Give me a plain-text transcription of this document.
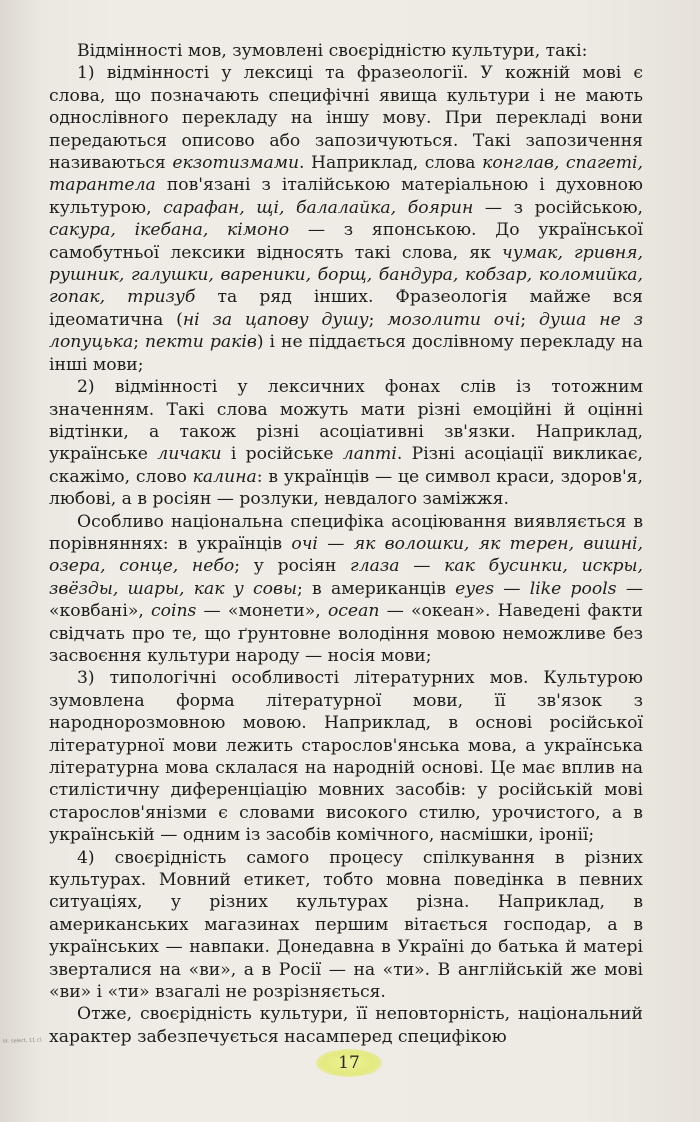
Відмінності мов, зумовлені своєрідністю культури, такі:

1) відмінності у лексиці та фразеології. У кожній мові є слова, що позначають специфічні явища культури і не мають однослівного перекладу на іншу мову. При перекладі вони передаються описово або запозичуються. Такі запозичення називаються екзотизмами. Наприклад, слова конглав, спагеті, тарантела пов'язані з італійською матеріальною і духовною культурою, сарафан, щі, балалайка, боярин — з російською, сакура, ікебана, кімоно — з японською. До української самобутньої лексики відносять такі слова, як чумак, гривня, рушник, галушки, вареники, борщ, бандура, кобзар, коломийка, гопак, тризуб та ряд інших. Фразеологія майже вся ідеоматична (ні за цапову душу; мозолити очі; душа не з лопуцька; пекти раків) і не піддається дослівному перекладу на інші мови;

2) відмінності у лексичних фонах слів із тотожним значенням. Такі слова можуть мати різні емоційні й оцінні відтінки, а також різні асоціативні зв'язки. Наприклад, українське личаки і російське лапті. Різні асоціації викликає, скажімо, слово калина: в українців — це символ краси, здоров'я, любові, а в росіян — розлуки, невдалого заміжжя.

Особливо національна специфіка асоціювання виявляється в порівняннях: в українців очі — як волошки, як терен, вишні, озера, сонце, небо; у росіян глаза — как бусинки, искры, звёзды, шары, как у совы; в американців eyes — like pools — «ковбані», coins — «монети», ocean — «океан». Наведені факти свідчать про те, що ґрунтовне володіння мовою неможливе без засвоєння культури народу — носія мови;

3) типологічні особливості літературних мов. Культурою зумовлена форма літературної мови, її зв'язок з народнорозмовною мовою. Наприклад, в основі російської літературної мови лежить старослов'янська мова, а українська літературна мова склалася на народній основі. Це має вплив на стилістичну диференціацію мовних засобів: у російській мові старослов'янізми є словами високого стилю, урочистого, а в українській — одним із засобів комічного, насмішки, іронії;

4) своєрідність самого процесу спілкування в різних культурах. Мовний етикет, тобто мовна поведінка в певних ситуаціях, у різних культурах різна. Наприклад, в американських магазинах першим вітається господар, а в українських — навпаки. Донедавна в Україні до батька й матері зверталися на «ви», а в Росії — на «ти». В англійській же мові «ви» і «ти» взагалі не розрізняється.

Отже, своєрідність культури, її неповторність, національний характер забезпечується насамперед специфікою

17
lit. select, 11 cl.
